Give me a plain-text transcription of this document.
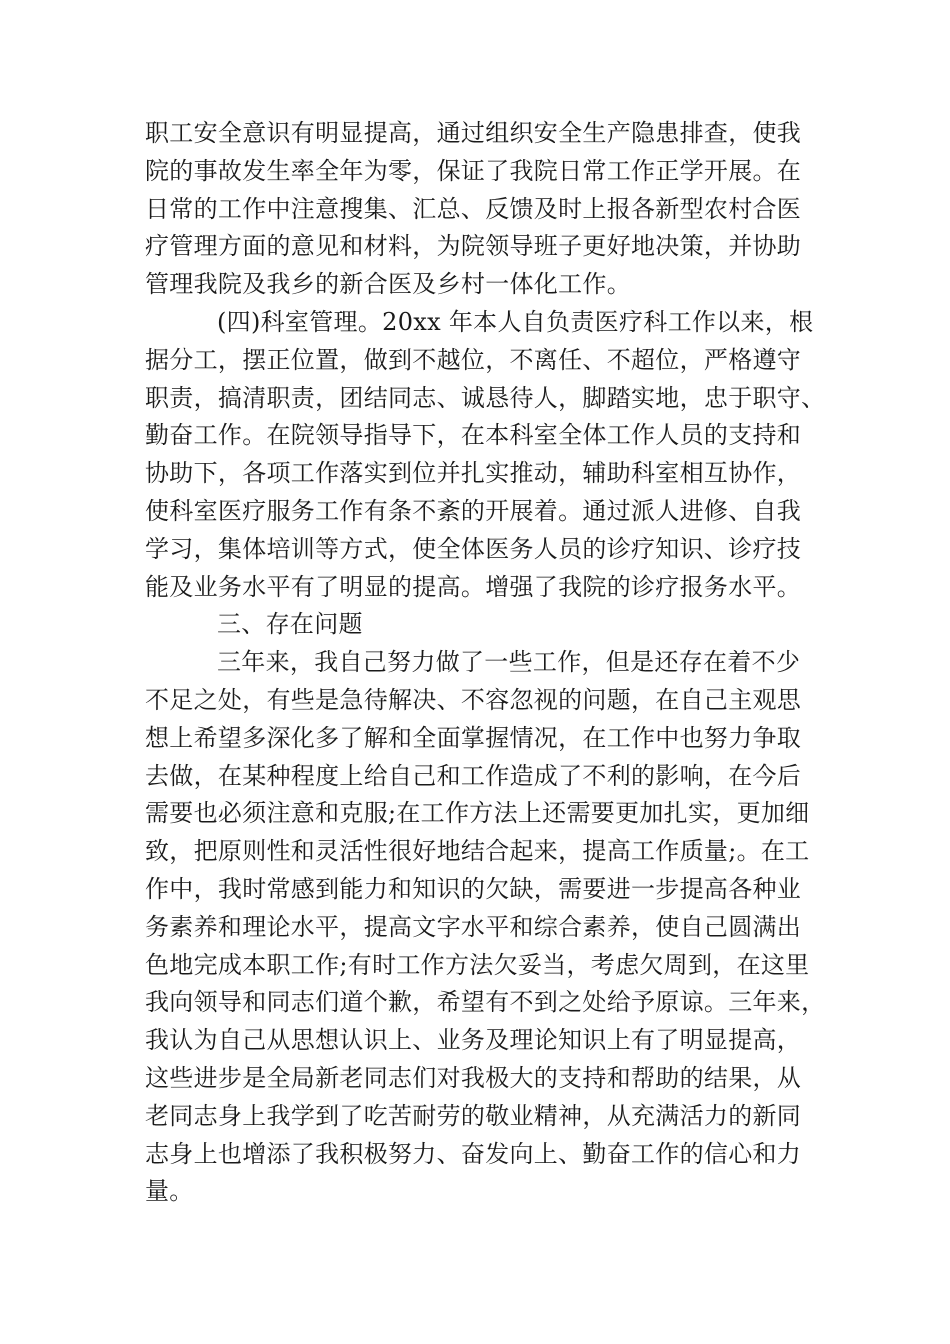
职工安全意识有明显提高，通过组织安全生产隐患排查，使我
院的事故发生率全年为零，保证了我院日常工作正学开展。在
日常的工作中注意搜集、汇总、反馈及时上报各新型农村合医
疗管理方面的意见和材料，为院领导班子更好地决策，并协助
管理我院及我乡的新合医及乡村一体化工作。
(四)科室管理。20xx 年本人自负责医疗科工作以来，根
据分工，摆正位置，做到不越位，不离任、不超位，严格遵守
职责，搞清职责，团结同志、诚恳待人，脚踏实地，忠于职守、
勤奋工作。在院领导指导下，在本科室全体工作人员的支持和
协助下，各项工作落实到位并扎实推动，辅助科室相互协作，
使科室医疗服务工作有条不紊的开展着。通过派人进修、自我
学习，集体培训等方式，使全体医务人员的诊疗知识、诊疗技
能及业务水平有了明显的提高。增强了我院的诊疗报务水平。
三、存在问题
三年来，我自己努力做了一些工作，但是还存在着不少
不足之处，有些是急待解决、不容忽视的问题，在自己主观思
想上希望多深化多了解和全面掌握情况，在工作中也努力争取
去做，在某种程度上给自己和工作造成了不利的影响，在今后
需要也必须注意和克服;在工作方法上还需要更加扎实，更加细
致，把原则性和灵活性很好地结合起来，提高工作质量;。在工
作中，我时常感到能力和知识的欠缺，需要进一步提高各种业
务素养和理论水平，提高文字水平和综合素养，使自己圆满出
色地完成本职工作;有时工作方法欠妥当，考虑欠周到，在这里
我向领导和同志们道个歉，希望有不到之处给予原谅。三年来，
我认为自己从思想认识上、业务及理论知识上有了明显提高，
这些进步是全局新老同志们对我极大的支持和帮助的结果，从
老同志身上我学到了吃苦耐劳的敬业精神，从充满活力的新同
志身上也增添了我积极努力、奋发向上、勤奋工作的信心和力
量。
